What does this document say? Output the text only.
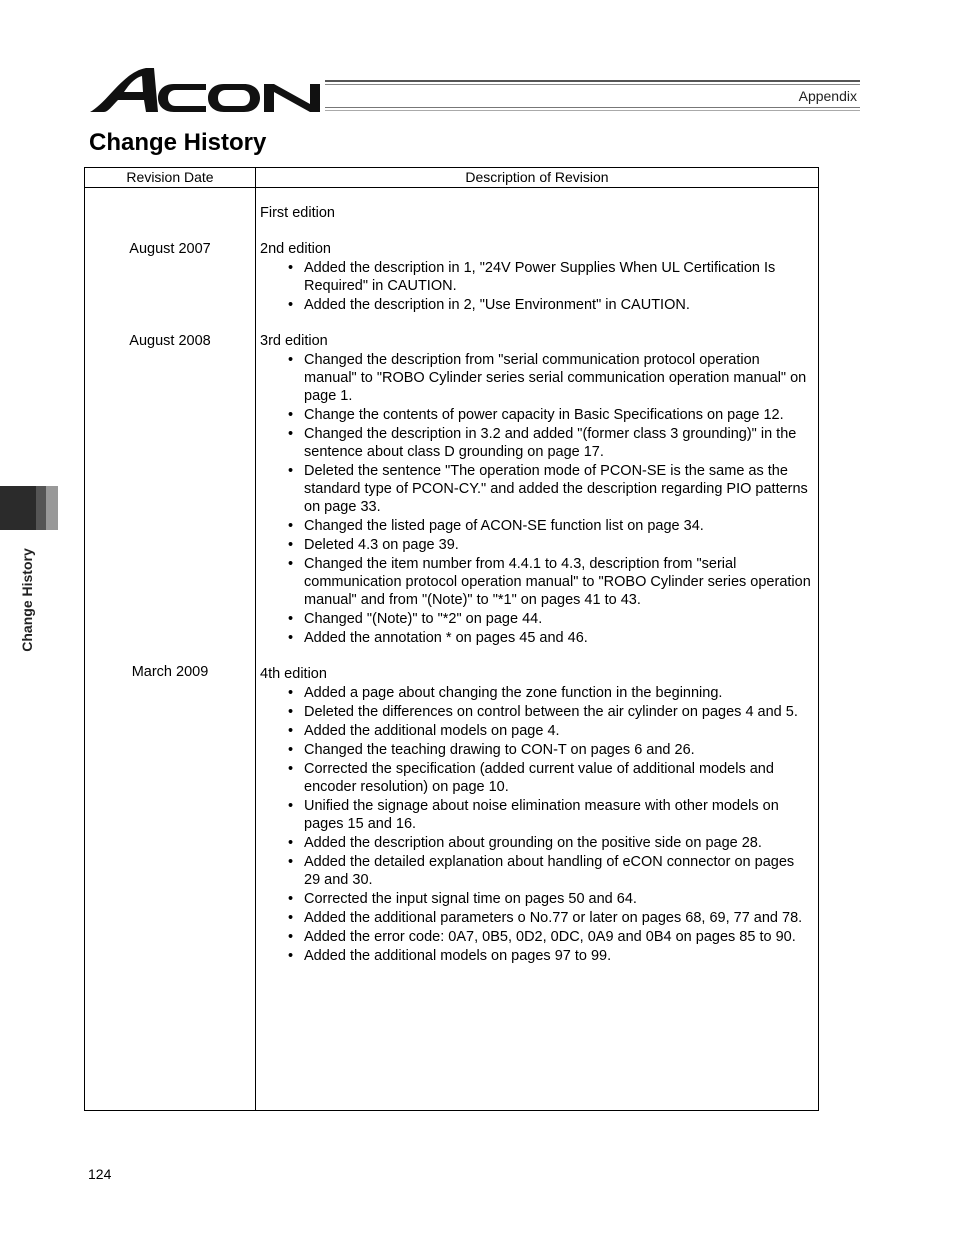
Appendix
Change History
Change History
Revision Date	Description of Revision
August 2007
August 2008
March 2009
First edition
2nd edition
• Added the description in 1, "24V Power Supplies When UL Certification Is Required" in CAUTION.
• Added the description in 2, "Use Environment" in CAUTION.
3rd edition
• Changed the description from "serial communication protocol operation manual" to "ROBO Cylinder series serial communication operation manual" on page 1.
• Change the contents of power capacity in Basic Specifications on page 12.
• Changed the description in 3.2 and added "(former class 3 grounding)" in the sentence about class D grounding on page 17.
• Deleted the sentence "The operation mode of PCON-SE is the same as the standard type of PCON-CY." and added the description regarding PIO patterns on page 33.
• Changed the listed page of ACON-SE function list on page 34.
• Deleted 4.3 on page 39.
• Changed the item number from 4.4.1 to 4.3, description from "serial communication protocol operation manual" to "ROBO Cylinder series operation manual" and from "(Note)" to "*1" on pages 41 to 43.
• Changed "(Note)" to "*2" on page 44.
• Added the annotation * on pages 45 and 46.
4th edition
• Added a page about changing the zone function in the beginning.
• Deleted the differences on control between the air cylinder on pages 4 and 5.
• Added the additional models on page 4.
• Changed the teaching drawing to CON-T on pages 6 and 26.
• Corrected the specification (added current value of additional models and encoder resolution) on page 10.
• Unified the signage about noise elimination measure with other models on pages 15 and 16.
• Added the description about grounding on the positive side on page 28.
• Added the detailed explanation about handling of eCON connector on pages 29 and 30.
• Corrected the input signal time on pages 50 and 64.
• Added the additional parameters o No.77 or later on pages 68, 69, 77 and 78.
• Added the error code: 0A7, 0B5, 0D2, 0DC, 0A9 and 0B4 on pages 85 to 90.
• Added the additional models on pages 97 to 99.
124
